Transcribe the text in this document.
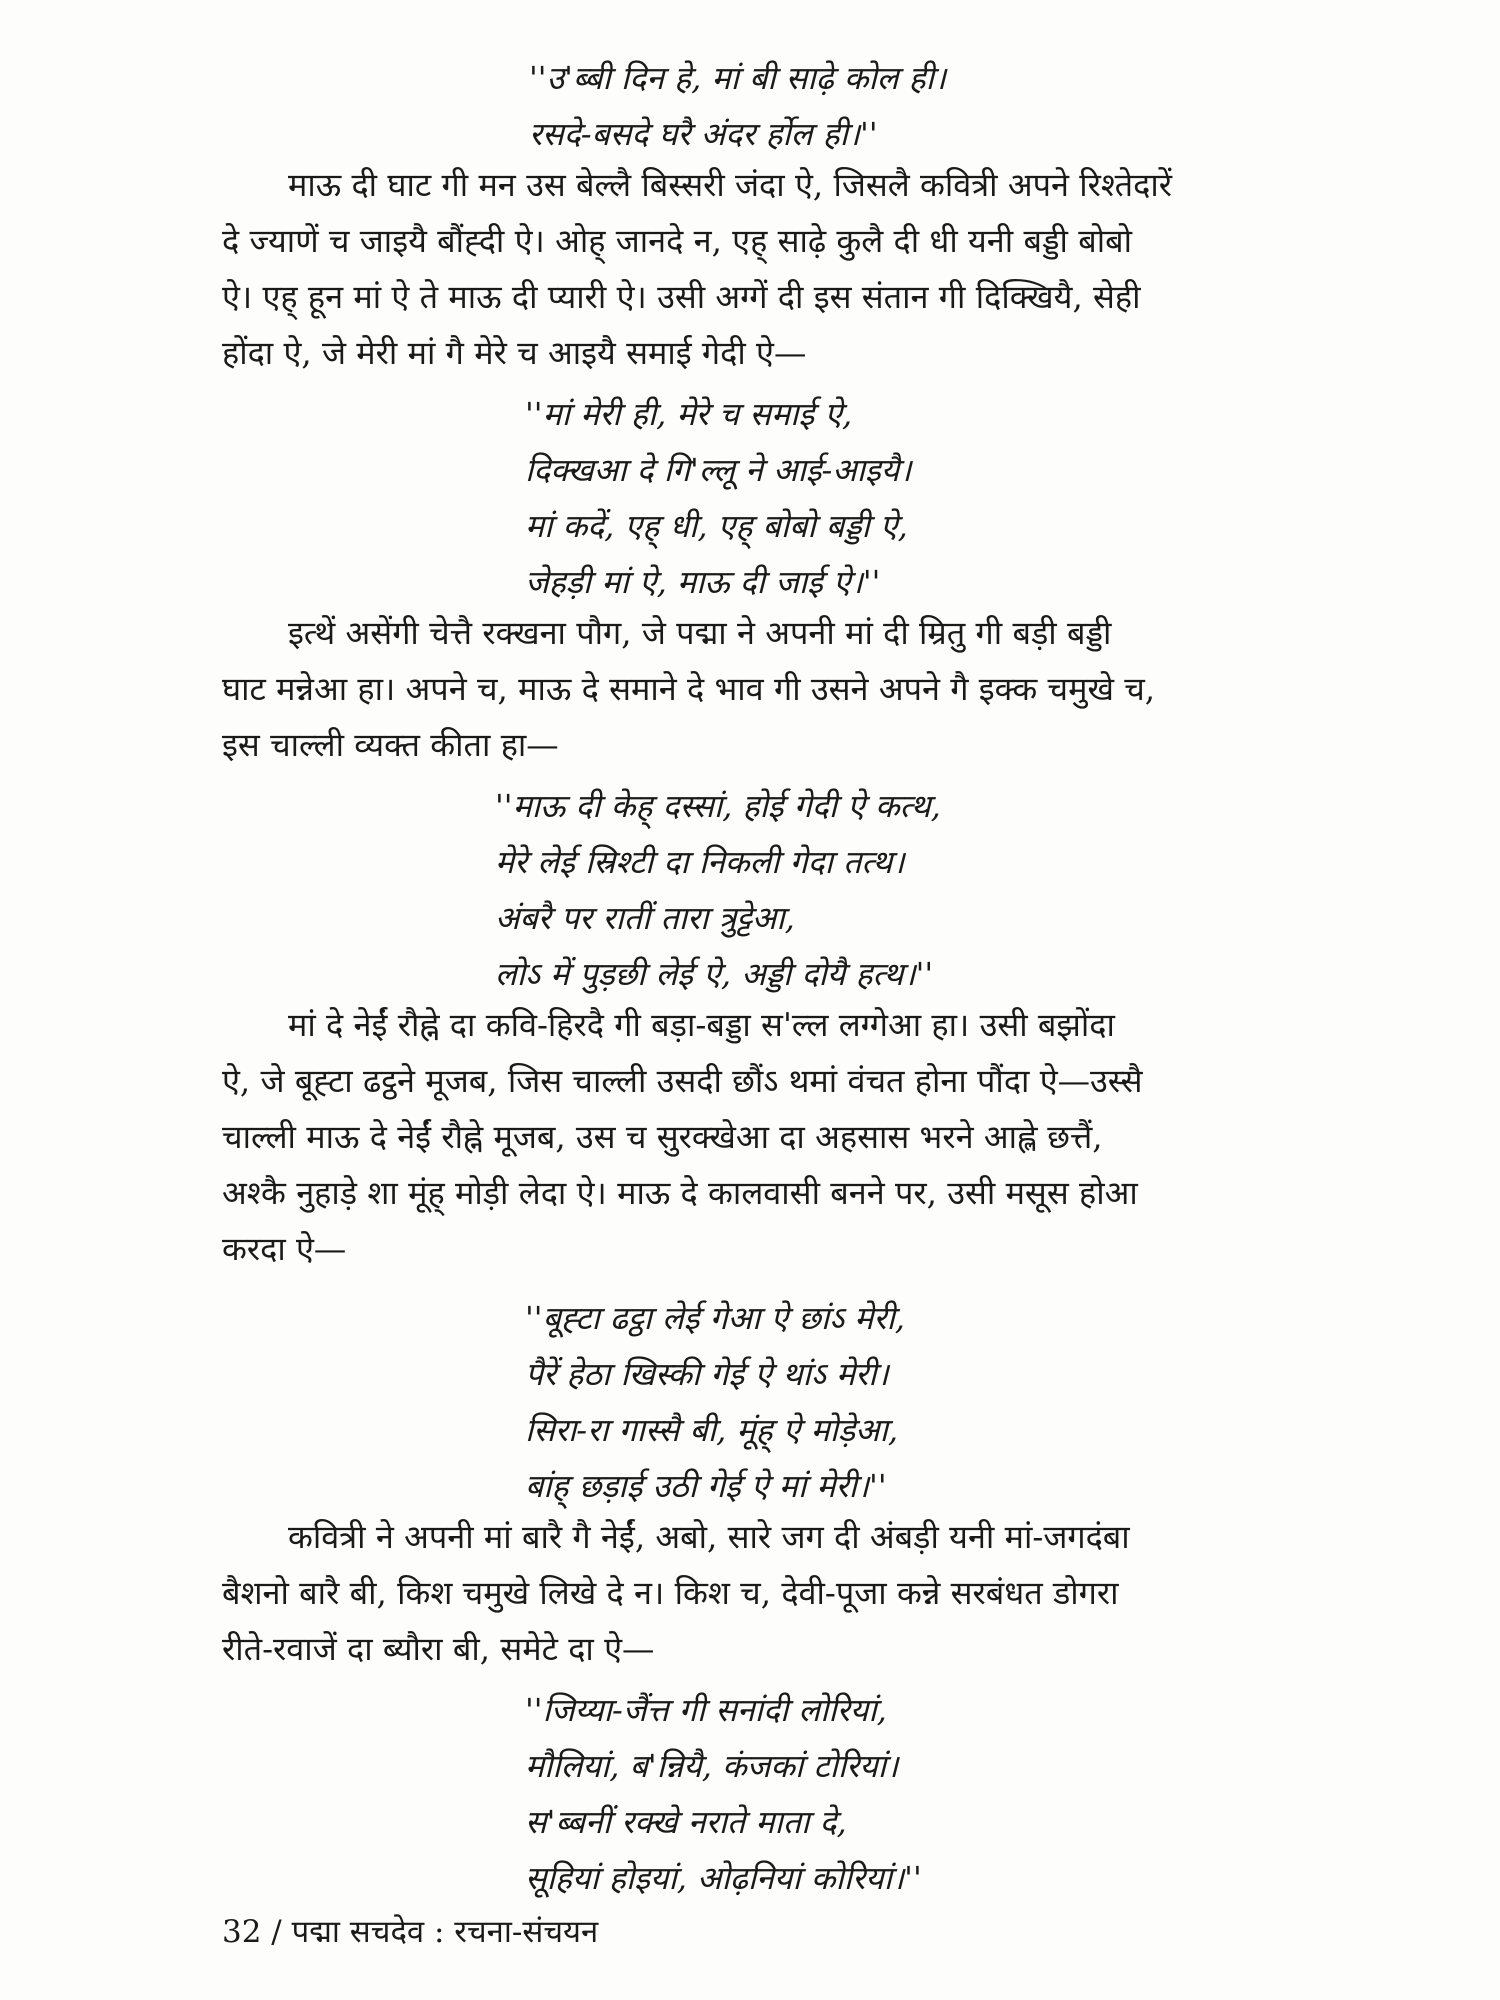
''उ'ब्बी दिन हे, मां बी साढ़े कोल ही।
रसदे-बसदे घरै अंदर र्होल ही।''
माऊ दी घाट गी मन उस बेल्लै बिस्सरी जंदा ऐ, जिसलै कवित्री अपने रिश्तेदारें
दे ज्याणें च जाइयै बौंह्दी ऐ। ओह् जानदे न, एह् साढ़े कुलै दी धी यनी बड्डी बोबो
ऐ। एह् हून मां ऐ ते माऊ दी प्यारी ऐ। उसी अग्गें दी इस संतान गी दिक्खियै, सेही
होंदा ऐ, जे मेरी मां गै मेरे च आइयै समाई गेदी ऐ—
''मां मेरी ही, मेरे च समाई ऐ,
दिक्खआ दे गि'ल्लू ने आई-आइयै।
मां कदें, एह् धी, एह् बोबो बड्डी ऐ,
जेहड़ी मां ऐ, माऊ दी जाई ऐ।''
इत्थें असेंगी चेत्तै रक्खना पौग, जे पद्मा ने अपनी मां दी म्रितु गी बड़ी बड्डी
घाट मन्नेआ हा। अपने च, माऊ दे समाने दे भाव गी उसने अपने गै इक्क चमुखे च,
इस चाल्ली व्यक्त कीता हा—
''माऊ दी केह् दस्सां, होई गेदी ऐ कत्थ,
मेरे लेई स्रिश्टी दा निकली गेदा तत्थ।
अंबरै पर रातीं तारा त्रुट्टेआ,
लोऽ में पुड़छी लेई ऐ, अड्डी दोयै हत्थ।''
मां दे नेईं रौह्ने दा कवि-हिरदै गी बड़ा-बड्डा स'ल्ल लग्गेआ हा। उसी बझोंदा
ऐ, जे बूह्टा ढट्ठने मूजब, जिस चाल्ली उसदी छौंऽ थमां वंचत होना पौंदा ऐ—उस्सै
चाल्ली माऊ दे नेईं रौह्ने मूजब, उस च सुरक्खेआ दा अहसास भरने आह्ले छत्तैं,
अश्कै नुहाड़े शा मूंह् मोड़ी लेदा ऐ। माऊ दे कालवासी बनने पर, उसी मसूस होआ
करदा ऐ—
''बूह्टा ढट्ठा लेई गेआ ऐ छांऽ मेरी,
पैरें हेठा खिस्की गेई ऐ थांऽ मेरी।
सिरा-रा गास्सै बी, मूंह् ऐ मोड़ेआ,
बांह् छड़ाई उठी गेई ऐ मां मेरी।''
कवित्री ने अपनी मां बारै गै नेईं, अबो, सारे जग दी अंबड़ी यनी मां-जगदंबा
बैशनो बारै बी, किश चमुखे लिखे दे न। किश च, देवी-पूजा कन्ने सरबंधत डोगरा
रीते-रवाजें दा ब्यौरा बी, समेटे दा ऐ—
''जिय्या-जैंत्त गी सनांदी लोरियां,
मौलियां, ब'न्नियै, कंजकां टोरियां।
स'ब्बनीं रक्खे नराते माता दे,
सूहियां होइयां, ओढ़नियां कोरियां।''
32 / पद्मा सचदेव : रचना-संचयन
